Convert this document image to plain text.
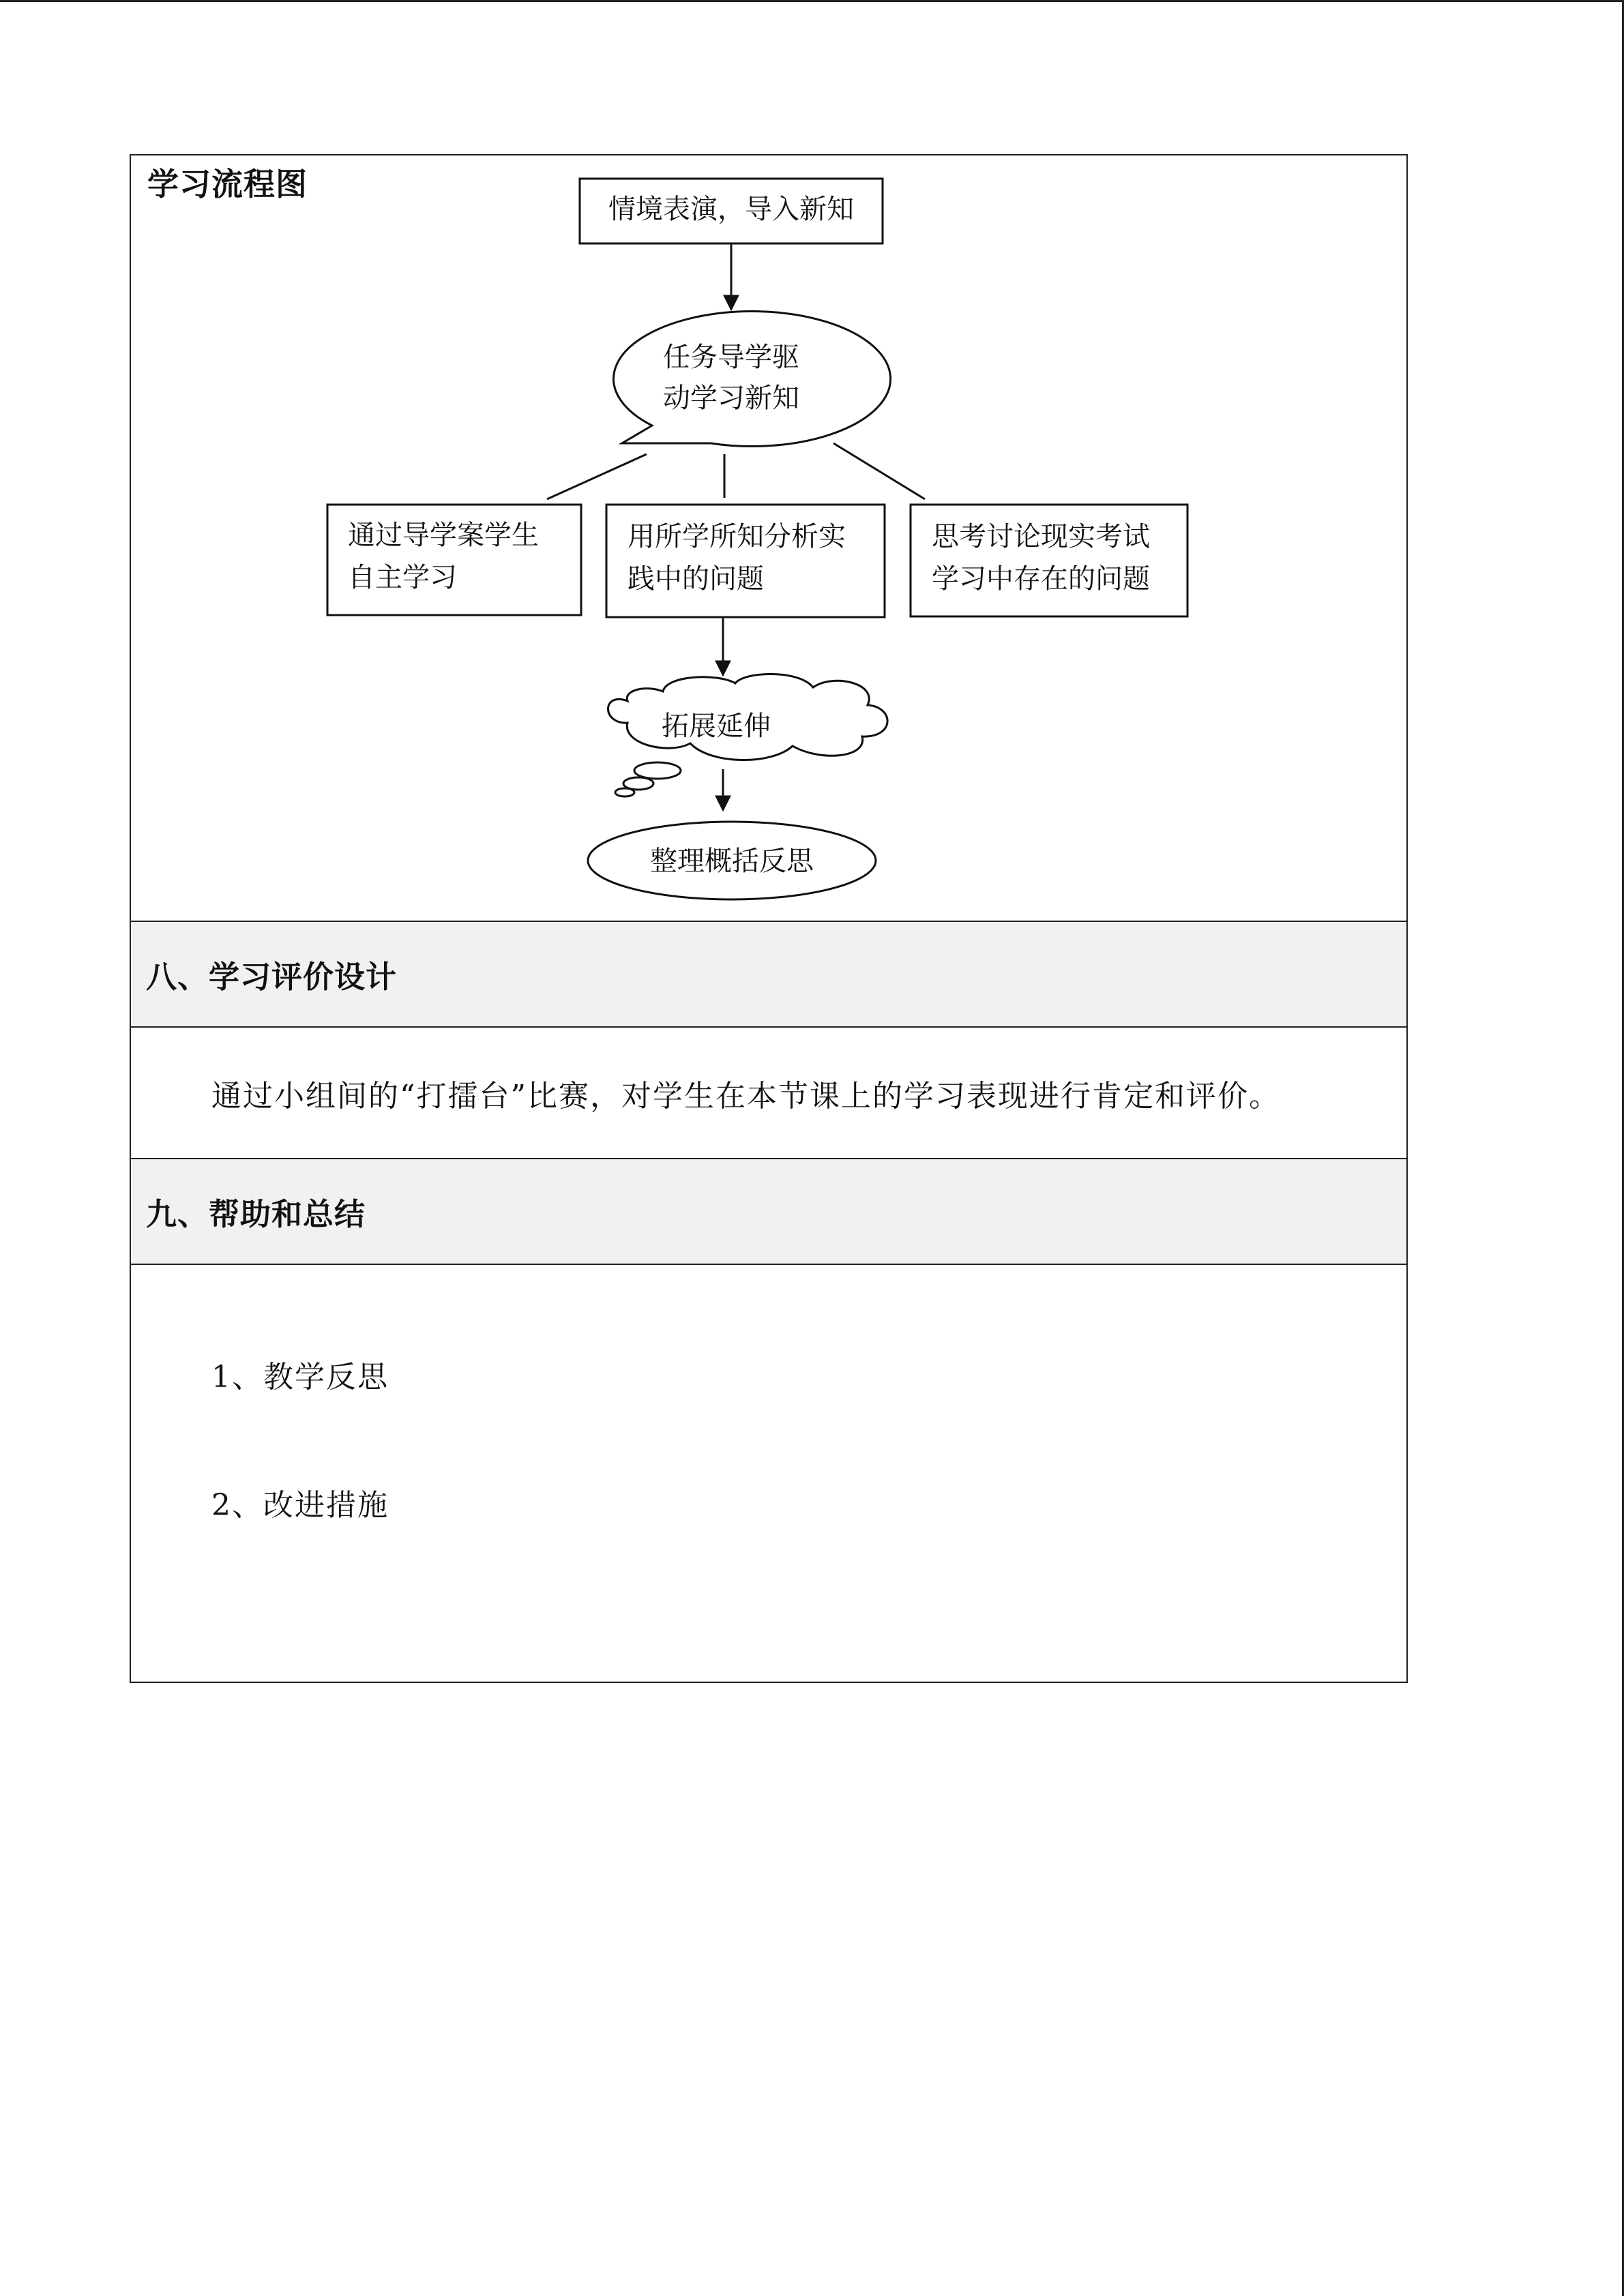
情境表演，导入新知
任务导学驱
动学习新知
通过导学案学生
自主学习
用所学所知分析实
践中的问题
思考讨论现实考试
学习中存在的问题
拓展延伸
整理概括反思
学习流程图
八、学习评价设计
通过小组间的“打擂台”比赛，对学生在本节课上的学习表现进行肯定和评价。
九、帮助和总结
1、教学反思
2、改进措施
